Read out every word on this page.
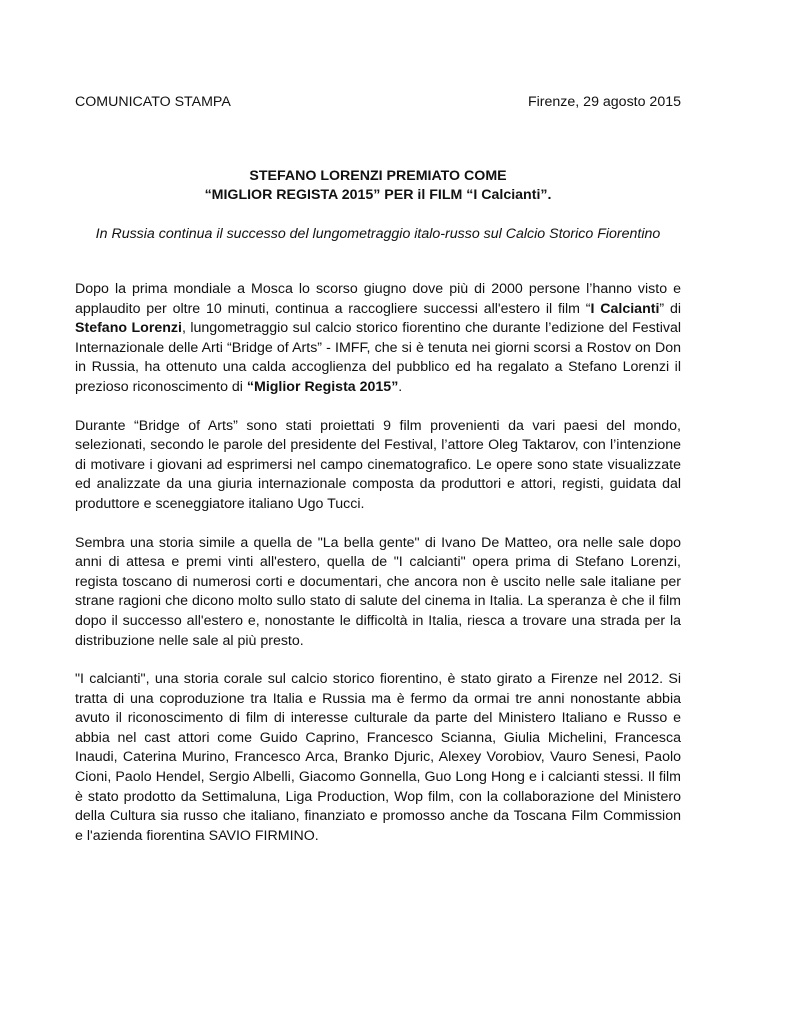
COMUNICATO STAMPA	Firenze, 29 agosto 2015
STEFANO LORENZI PREMIATO COME
“MIGLIOR REGISTA 2015” PER il FILM “I Calcianti”.
In Russia continua il successo del lungometraggio italo-russo sul Calcio Storico Fiorentino

Dopo la prima mondiale a Mosca lo scorso giugno dove più di 2000 persone l’hanno visto e applaudito per oltre 10 minuti, continua a raccogliere successi all'estero il film “I Calcianti” di Stefano Lorenzi, lungometraggio sul calcio storico fiorentino che durante l’edizione del Festival Internazionale delle Arti “Bridge of Arts” - IMFF, che si è tenuta nei giorni scorsi a Rostov on Don in Russia, ha ottenuto una calda accoglienza del pubblico ed ha regalato a Stefano Lorenzi il prezioso riconoscimento di “Miglior Regista 2015”.

Durante “Bridge of Arts” sono stati proiettati 9 film provenienti da vari paesi del mondo, selezionati, secondo le parole del presidente del Festival, l’attore Oleg Taktarov, con l’intenzione di motivare i giovani ad esprimersi nel campo cinematografico. Le opere sono state visualizzate ed analizzate da una giuria internazionale composta da produttori e attori, registi, guidata dal produttore e sceneggiatore italiano Ugo Tucci.

Sembra una storia simile a quella de "La bella gente" di Ivano De Matteo, ora nelle sale dopo anni di attesa e premi vinti all'estero, quella de "I calcianti" opera prima di Stefano Lorenzi, regista toscano di numerosi corti e documentari, che ancora non è uscito nelle sale italiane per strane ragioni che dicono molto sullo stato di salute del cinema in Italia. La speranza è che il film dopo il successo all'estero e, nonostante le difficoltà in Italia, riesca a trovare una strada per la distribuzione nelle sale al più presto.

"I calcianti", una storia corale sul calcio storico fiorentino, è stato girato a Firenze nel 2012. Si tratta di una coproduzione tra Italia e Russia ma è fermo da ormai tre anni nonostante abbia avuto il riconoscimento di film di interesse culturale da parte del Ministero Italiano e Russo e abbia nel cast attori come Guido Caprino, Francesco Scianna, Giulia Michelini, Francesca Inaudi, Caterina Murino, Francesco Arca, Branko Djuric, Alexey Vorobiov, Vauro Senesi, Paolo Cioni, Paolo Hendel, Sergio Albelli, Giacomo Gonnella, Guo Long Hong e i calcianti stessi. Il film è stato prodotto da Settimaluna, Liga Production, Wop film, con la collaborazione del Ministero della Cultura sia russo che italiano, finanziato e promosso anche da Toscana Film Commission e l'azienda fiorentina SAVIO FIRMINO.
